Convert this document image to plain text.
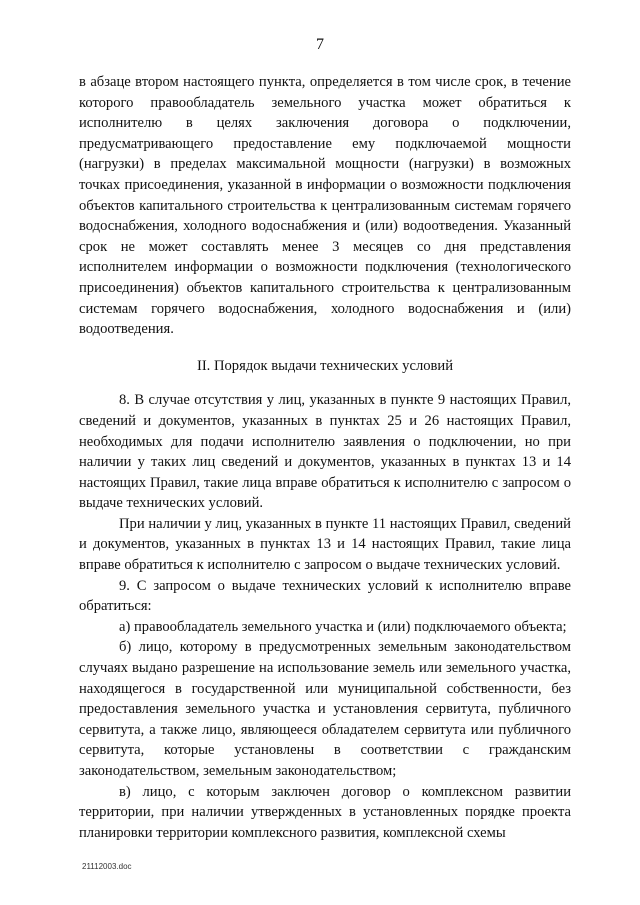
7

в абзаце втором настоящего пункта, определяется в том числе срок, в течение которого правообладатель земельного участка может обратиться к исполнителю в целях заключения договора о подключении, предусматривающего предоставление ему подключаемой мощности (нагрузки) в пределах максимальной мощности (нагрузки) в возможных точках присоединения, указанной в информации о возможности подключения объектов капитального строительства к централизованным системам горячего водоснабжения, холодного водоснабжения и (или) водоотведения. Указанный срок не может составлять менее 3 месяцев со дня представления исполнителем информации о возможности подключения (технологического присоединения) объектов капитального строительства к централизованным системам горячего водоснабжения, холодного водоснабжения и (или) водоотведения.

II. Порядок выдачи технических условий

8. В случае отсутствия у лиц, указанных в пункте 9 настоящих Правил, сведений и документов, указанных в пунктах 25 и 26 настоящих Правил, необходимых для подачи исполнителю заявления о подключении, но при наличии у таких лиц сведений и документов, указанных в пунктах 13 и 14 настоящих Правил, такие лица вправе обратиться к исполнителю с запросом о выдаче технических условий.

При наличии у лиц, указанных в пункте 11 настоящих Правил, сведений и документов, указанных в пунктах 13 и 14 настоящих Правил, такие лица вправе обратиться к исполнителю с запросом о выдаче технических условий.

9. С запросом о выдаче технических условий к исполнителю вправе обратиться:

а) правообладатель земельного участка и (или) подключаемого объекта;

б) лицо, которому в предусмотренных земельным законодательством случаях выдано разрешение на использование земель или земельного участка, находящегося в государственной или муниципальной собственности, без предоставления земельного участка и установления сервитута, публичного сервитута, а также лицо, являющееся обладателем сервитута или публичного сервитута, которые установлены в соответствии с гражданским законодательством, земельным законодательством;

в) лицо, с которым заключен договор о комплексном развитии территории, при наличии утвержденных в установленных порядке проекта планировки территории комплексного развития, комплексной схемы

21112003.doc
